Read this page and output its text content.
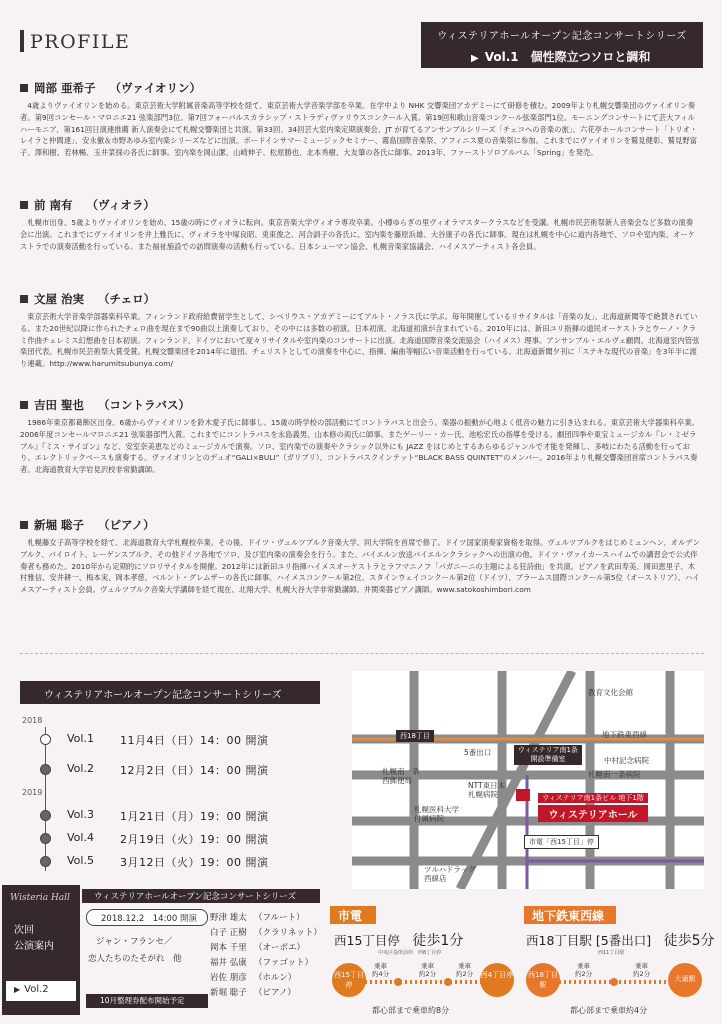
PROFILE	ウィステリアホールオープン記念コンサートシリーズ
▶ Vol.1　個性際立つソロと調和
岡部 亜希子 （ヴァイオリン）

4歳よりヴァイオリンを始める。東京芸術大学附属音楽高等学校を経て、東京芸術大学音楽学部を卒業。在学中より NHK 交響楽団アカデミーにて研修を積む。2009年より札幌交響楽団のヴァイオリン奏者。第9回コンセール・マロニエ21 弦楽部門3位。第7回フォーバルスカラシップ・ストラディヴァリウスコンクール入賞。第19回和歌山音楽コンクール弦楽部門1位。モーニングコンサートにて芸大フィルハーモニア、第161回日演連推薦 新人演奏会にて札幌交響楽団と共演。第33回、34回芸大室内楽定期演奏会、JT が育てるアンサンブルシリーズ「チェコへの音楽の旅」、六花亭ホールコンサート「トリオ・レイラと仲間達」、安永徹＆市野あゆみ室内楽シリーズなどに出演。ボードインサマーミュージックセミナー、霧島国際音楽祭、アフィニス夏の音楽祭に参加。これまでにヴァイオリンを鷲見健彰、鷲見野富子、澤和樹、若林暢、玉井菜採の各氏に師事。室内楽を岡山潔、山崎伸子、松原勝也、北本秀樹、大友肇の各氏に師事。2013年、ファーストソロアルバム「Spring」を発売。

前 南有 （ヴィオラ）

札幌市出身。5歳よりヴァイオリンを始め、15歳の時にヴィオラに転向。東京音楽大学ヴィオラ専攻卒業。小樽ゆらぎの里ヴィオラマスタークラスなどを受講。札幌市民芸術祭新人音楽会など多数の演奏会に出演。これまでにヴァイオリンを井上雅氏に、ヴィオラを中塚良昭、兎束俊之、河合訓子の各氏に、室内楽を藤原浜雄、大谷康子の各氏に師事。現在は札幌を中心に道内各地で、ソロや室内楽、オーケストラでの演奏活動を行っている。また福祉施設での訪問演奏の活動も行っている。日本シューマン協会、札幌音楽家協議会、ハイメスアーティスト各会員。

文屋 治実 （チェロ）

東京芸術大学音楽学部器楽科卒業。フィンランド政府給費留学生として、シベリウス・アカデミーにてアルト・ノラス氏に学ぶ。毎年開催しているリサイタルは「音楽の友」、北海道新聞等で絶賛されている。また20世紀以降に作られたチェロ曲を現在まで90曲以上演奏しており、その中には多数の初演、日本初演、北海道初演が含まれている。2010年には、新田ユリ指揮の道民オーケストラとウーノ・クラミ作曲チェレミス幻想曲を日本初演。フィンランド、ドイツにおいて度々リサイタルや室内楽のコンサートに出演。北海道国際音楽交流協会（ハイメス）理事。アンサンブル・エルヴェ顧問。北海道室内管弦楽団代表。札幌市民芸術祭大賞受賞。札幌交響楽団を2014年に退団。チェリストとしての演奏を中心に、指揮、編曲等幅広い音楽活動を行っている。北海道新聞夕刊に「ステキな現代の音楽」を3年半に渡り連載。http://www.harumitsubunya.com/

吉田 聖也 （コントラバス）

1986年東京都葛飾区出身。6歳からヴァイオリンを鈴木愛子氏に師事し、15歳の時学校の部活動にてコントラバスと出会う。楽器の振動が心地よく低音の魅力に引き込まれる。東京芸術大学器楽科卒業。2006年度コンセールマロニエ21 弦楽器部門入賞。これまでにコントラバスを永島義男、山本修の両氏に師事。またゲーリー・カー氏、池松宏氏の指導を受ける。劇団四季や東宝ミュージカル『レ・ミゼラブル』『ミス・サイゴン』など、安室奈美恵などのミュージカルで演奏。ソロ、室内楽での演奏やクラシック以外にも JAZZ をはじめとするあらゆるジャンルで才能を発揮し、多岐にわたる活動を行っており、エレクトリックベースも演奏する。ヴァイオリンとのデュオ“GALI×BULI”（ガリブリ）、コントラバスクインテット“BLACK BASS QUINTET”のメンバー。2016年より札幌交響楽団首席コントラバス奏者。北海道教育大学岩見沢校非常勤講師。

新堀 聡子 （ピアノ）

札幌藤女子高等学校を経て、北海道教育大学札幌校卒業。その後、ドイツ・ヴュルツブルク音楽大学、同大学院を首席で修了。ドイツ国家演奏家資格を取得。ヴュルツブルクをはじめミュンヘン、オルデンブルク、バイロイト、レーゲンスブルク、その他ドイツ各地でソロ、及び室内楽の演奏会を行う。また、バイエルン放送バイエルンクラシックへの出演の他、ドイツ・ヴァイカースハイムでの講習会で公式伴奏者も務めた。2010年から定期的にソロリサイタルを開催。2012年には新田ユリ指揮ハイメスオーケストラとラフマニノフ「パガニーニの主題による狂詩曲」を共演。ピアノを武田寿美、岡田恵里子、木村雅信、安井耕一、梅本実、岡本孝慈、ベルント・グレムザーの各氏に師事。ハイメスコンクール第2位、スタインウェイコンクール第2位（ドイツ）、ブラームス国際コンクール第5位（オーストリア）、ハイメスアーティスト会員。ヴュルツブルク音楽大学講師を経て現在、北翔大学、札幌大谷大学非常勤講師。井関楽器ピアノ講師。www.satokoshimbori.com

ウィステリアホールオープン記念コンサートシリーズ
2018
2019
Vol.1 11月4日（日）14：00 開演
Vol.2 12月2日（日）14：00 開演
Vol.3 1月21日（月）19：00 開演
Vol.4 2月19日（火）19：00 開演
Vol.5 3月12日（火）19：00 開演
Wisteria Hall
次回
公演案内
▶ Vol.2
ウィステリアホールオープン記念コンサートシリーズ
2018.12.2　14:00 開演
ジャン・フランセ／
恋人たちのたそがれ　他
10月整理券配布開始予定
野津 雄太 （フルート）
白子 正樹 （クラリネット）
岡本 千里 （オーボエ）
福井 弘康 （ファゴット）
岩佐 朋彦 （ホルン）
新堀 聡子 （ピアノ）
教育文化会館
西18丁目	地下鉄東西線
5番出口	ウィステリア南1条
開設準備室	中村記念病院
札幌南一条
西郵便局
札幌南一条病院
NTT東日本
札幌病院
札幌医科大学
付属病院
ウィステリア南1条ビル 地下1階
ウィステリアホール
市電「西15丁目」停
ツルハドラッグ
西線店
市電
西15丁目停　 徒歩1分
中央区役所前停　西8丁目停
西15丁目停
西4丁目停
乗車
約4分
乗車
約2分
乗車
約2分
都心部まで乗車約8分
地下鉄東西線
西18丁目駅 [5番出口]　 徒歩5分
西11丁目駅
西18丁目駅
大通駅
乗車
約2分
乗車
約2分
都心部まで乗車約4分
